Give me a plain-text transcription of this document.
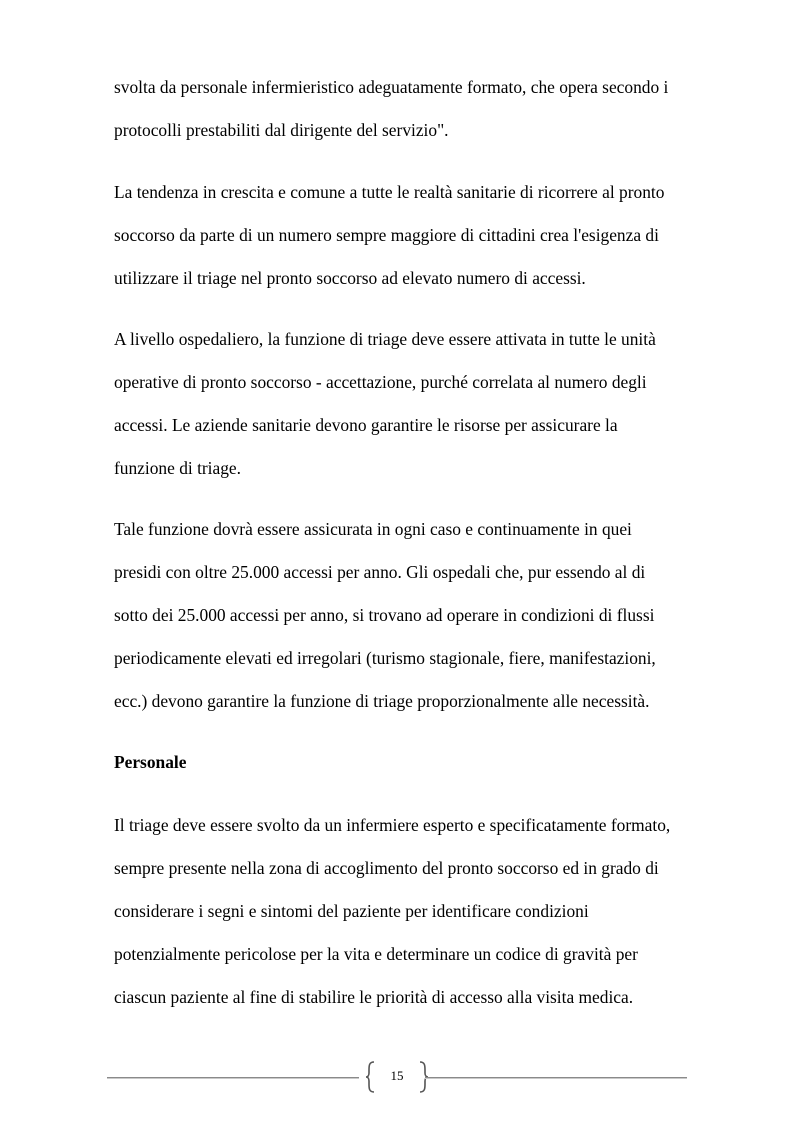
svolta da personale infermieristico adeguatamente formato, che opera secondo i
protocolli prestabiliti dal dirigente del servizio".

La tendenza in crescita e comune a tutte le realtà sanitarie di ricorrere al pronto
soccorso da parte di un numero sempre maggiore di cittadini crea l'esigenza di
utilizzare il triage nel pronto soccorso ad elevato numero di accessi.

A livello ospedaliero, la funzione di triage deve essere attivata in tutte le unità
operative di pronto soccorso - accettazione, purché correlata al numero degli
accessi. Le aziende sanitarie devono garantire le risorse per assicurare la
funzione di triage.

Tale funzione dovrà essere assicurata in ogni caso e continuamente in quei
presidi con oltre 25.000 accessi per anno. Gli ospedali che, pur essendo al di
sotto dei 25.000 accessi per anno, si trovano ad operare in condizioni di flussi
periodicamente elevati ed irregolari (turismo stagionale, fiere, manifestazioni,
ecc.) devono garantire la funzione di triage proporzionalmente alle necessità.

Personale

Il triage deve essere svolto da un infermiere esperto e specificatamente formato,
sempre presente nella zona di accoglimento del pronto soccorso ed in grado di
considerare i segni e sintomi del paziente per identificare condizioni
potenzialmente pericolose per la vita e determinare un codice di gravità per
ciascun paziente al fine di stabilire le priorità di accesso alla visita medica.

15
